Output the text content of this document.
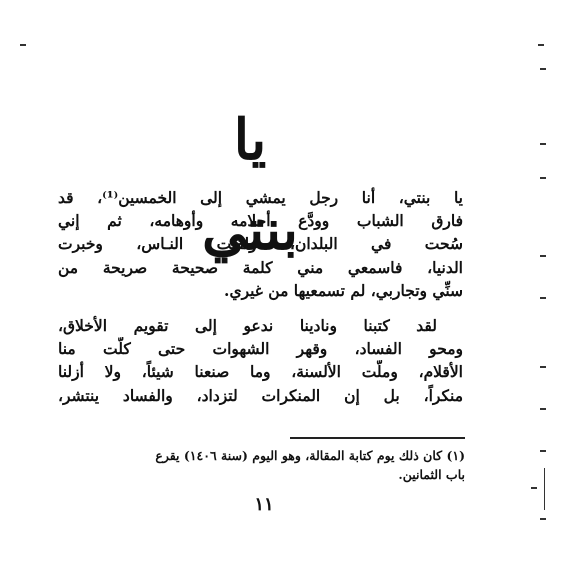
يا بنتي
يا بنتي، أنا رجل يمشي إلى الخمسين⁽¹⁾، قد
فارق الشباب وودَّع أحلامه وأوهامه، ثم إني
سُحت في البلدان، ولقيت النـاس، وخبرت
الدنيا، فاسمعي مني كلمة صحيحة صريحة من
سنِّي وتجاربي، لم تسمعيها من غيري.
لقد كتبنا ونادينا ندعو إلى تقويم الأخلاق،
ومحو الفساد، وقهر الشهوات حتى كلَّت منا
الأقلام، وملَّت الألسنة، وما صنعنا شيئاً، ولا أزلنا
منكراً، بل إن المنكرات لتزداد، والفساد ينتشر،
(١) كان ذلك يوم كتابة المقالة، وهو اليوم (سنة ١٤٠٦) يقرع
باب الثمانين.
١١
